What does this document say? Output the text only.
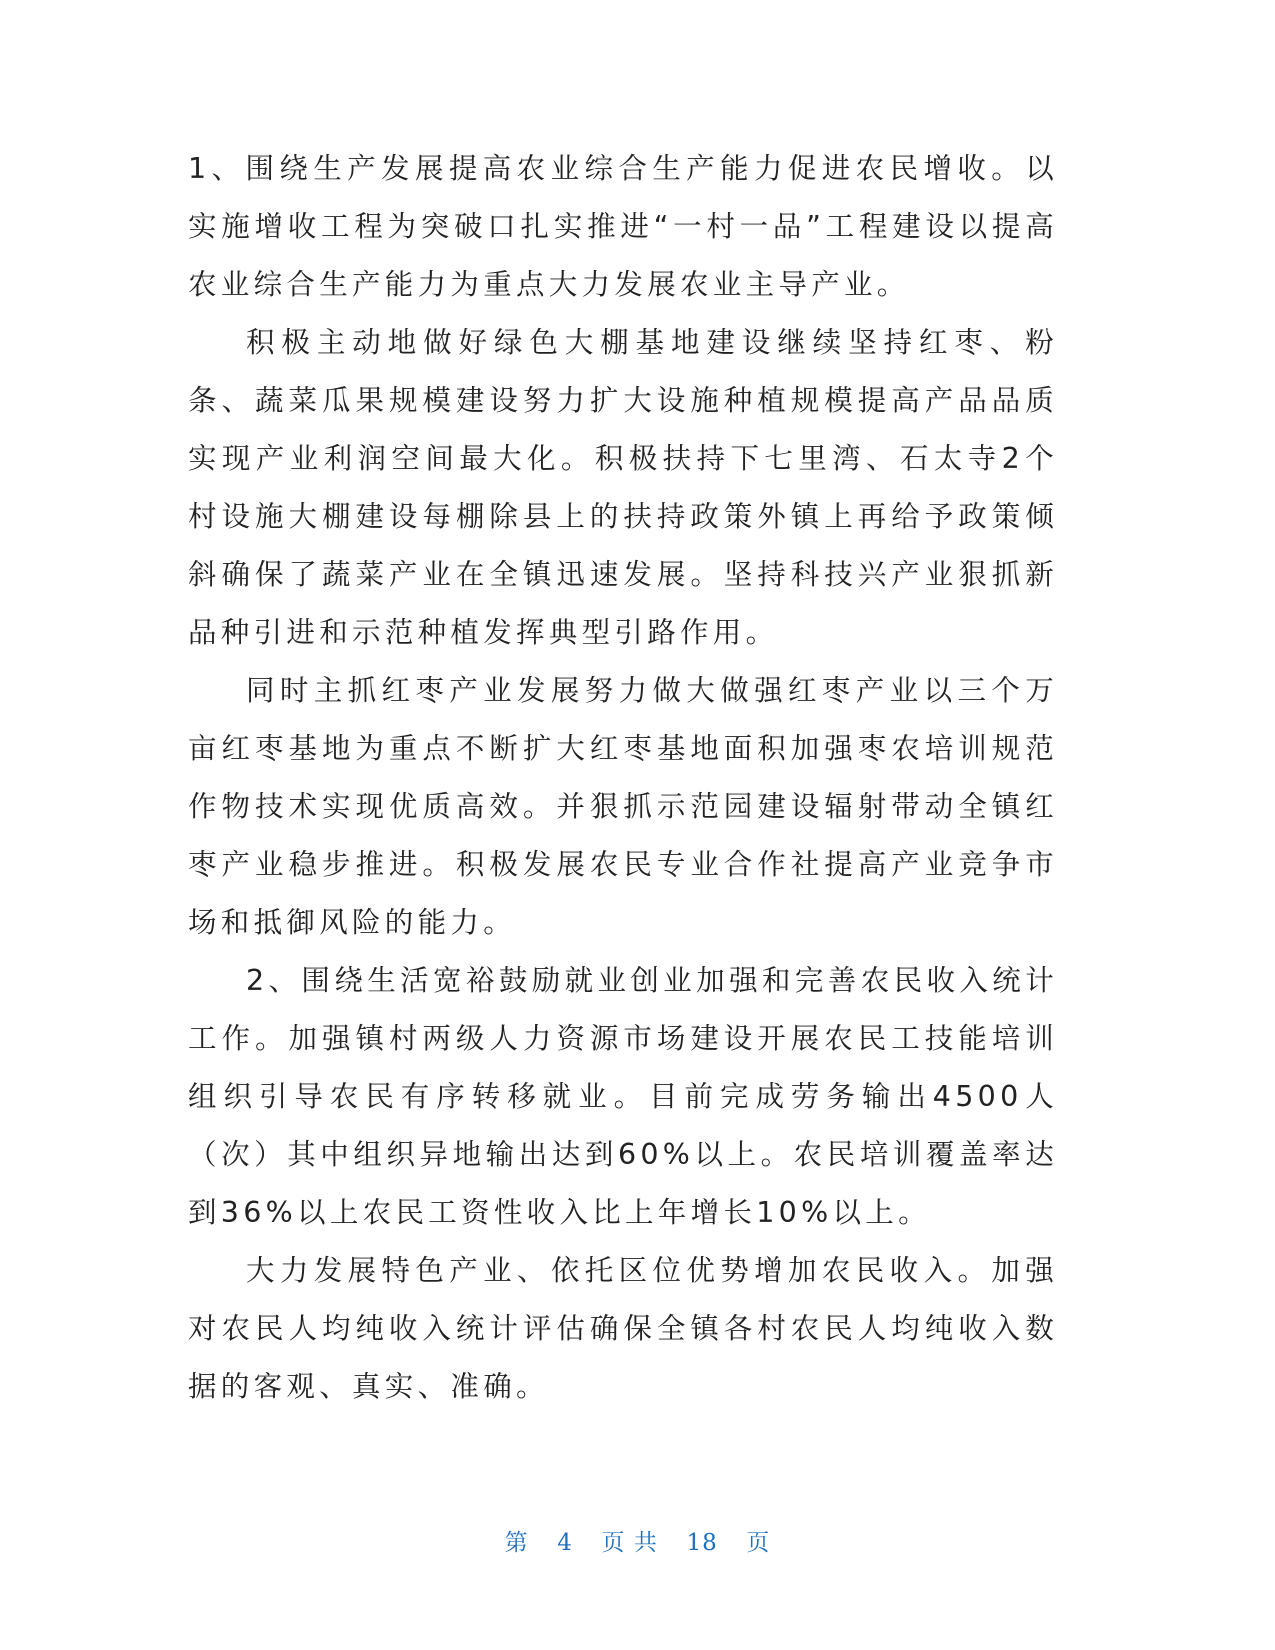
1、围绕生产发展提高农业综合生产能力促进农民增收。以实施增收工程为突破口扎实推进“一村一品”工程建设以提高农业综合生产能力为重点大力发展农业主导产业。

积极主动地做好绿色大棚基地建设继续坚持红枣、粉条、蔬菜瓜果规模建设努力扩大设施种植规模提高产品品质实现产业利润空间最大化。积极扶持下七里湾、石太寺2个村设施大棚建设每棚除县上的扶持政策外镇上再给予政策倾斜确保了蔬菜产业在全镇迅速发展。坚持科技兴产业狠抓新品种引进和示范种植发挥典型引路作用。

同时主抓红枣产业发展努力做大做强红枣产业以三个万亩红枣基地为重点不断扩大红枣基地面积加强枣农培训规范作物技术实现优质高效。并狠抓示范园建设辐射带动全镇红枣产业稳步推进。积极发展农民专业合作社提高产业竞争市场和抵御风险的能力。

2、围绕生活宽裕鼓励就业创业加强和完善农民收入统计工作。加强镇村两级人力资源市场建设开展农民工技能培训组织引导农民有序转移就业。目前完成劳务输出4500人（次）其中组织异地输出达到60%以上。农民培训覆盖率达到36%以上农民工资性收入比上年增长10%以上。

大力发展特色产业、依托区位优势增加农民收入。加强对农民人均纯收入统计评估确保全镇各村农民人均纯收入数据的客观、真实、准确。

第 4 页 共 18 页
